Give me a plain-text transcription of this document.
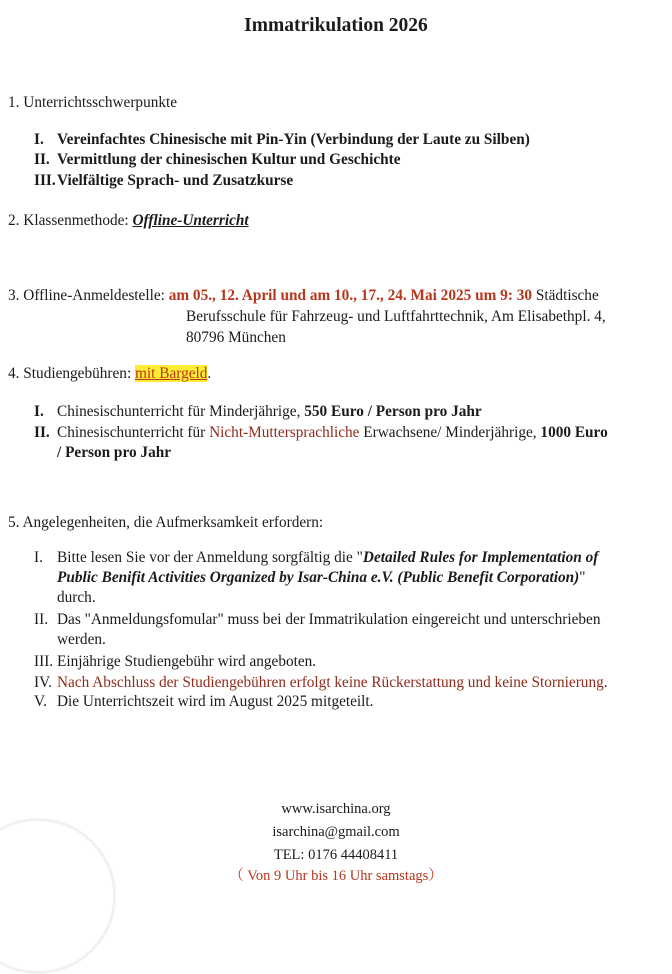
Immatrikulation 2026
1. Unterrichtsschwerpunkte
I. Vereinfachtes Chinesische mit Pin-Yin (Verbindung der Laute zu Silben)
II. Vermittlung der chinesischen Kultur und Geschichte
III. Vielfältige Sprach- und Zusatzkurse
2. Klassenmethode: Offline-Unterricht
3. Offline-Anmeldestelle: am 05., 12. April und am 10., 17., 24. Mai 2025 um 9: 30 Städtische
Berufsschule für Fahrzeug- und Luftfahrttechnik, Am Elisabethpl. 4,
80796 München
4. Studiengebühren: mit Bargeld.
I. Chinesischunterricht für Minderjährige, 550 Euro / Person pro Jahr
II. Chinesischunterricht für Nicht-Muttersprachliche Erwachsene/ Minderjährige, 1000 Euro
/ Person pro Jahr
5. Angelegenheiten, die Aufmerksamkeit erfordern:
I. Bitte lesen Sie vor der Anmeldung sorgfältig die "Detailed Rules for Implementation of
Public Benifit Activities Organized by Isar-China e.V. (Public Benefit Corporation)"
durch.
II. Das "Anmeldungsfomular" muss bei der Immatrikulation eingereicht und unterschrieben
werden.
III. Einjährige Studiengebühr wird angeboten.
IV. Nach Abschluss der Studiengebühren erfolgt keine Rückerstattung und keine Stornierung.
V. Die Unterrichtszeit wird im August 2025 mitgeteilt.
www.isarchina.org
isarchina@gmail.com
TEL: 0176 44408411
（ Von 9 Uhr bis 16 Uhr samstags）
